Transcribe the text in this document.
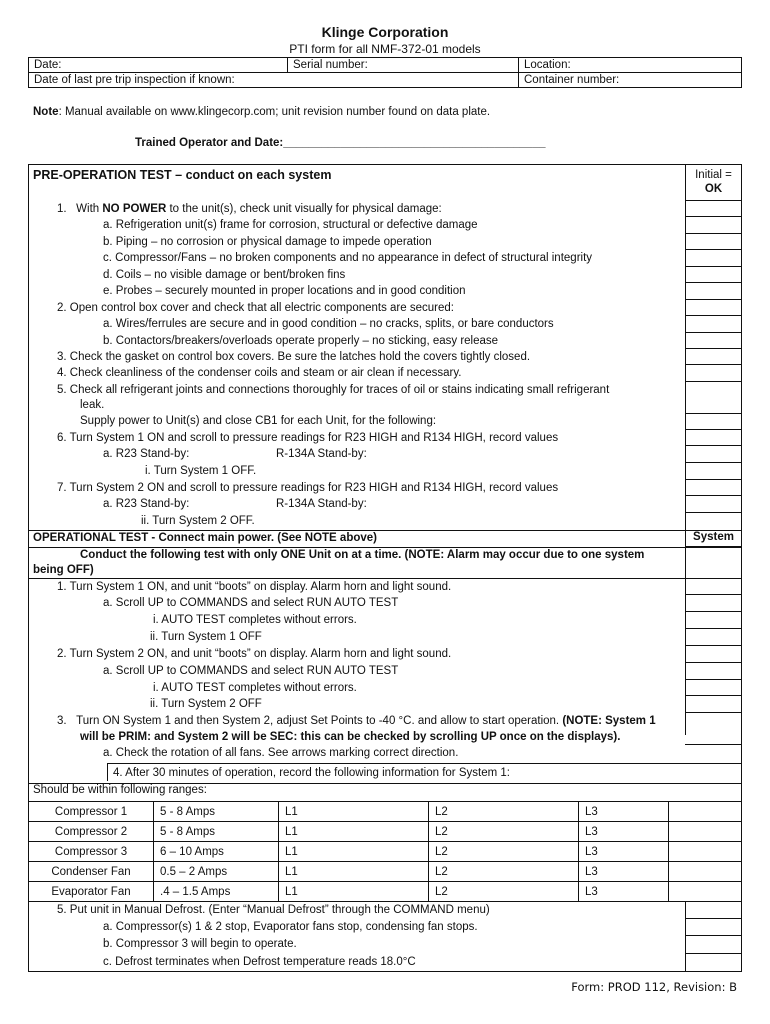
Klinge Corporation
PTI form for all NMF-372-01 models
Date:	Serial number:	Location:
Date of last pre trip inspection if known:		Container number:
Note: Manual available on www.klingecorp.com; unit revision number found on data plate.
Trained Operator and Date:_________________________________________
PRE-OPERATION TEST – conduct on each system	Initial =
OK
1.   With NO POWER to the unit(s), check unit visually for physical damage:
a. Refrigeration unit(s) frame for corrosion, structural or defective damage
b. Piping – no corrosion or physical damage to impede operation
c. Compressor/Fans – no broken components and no appearance in defect of structural integrity
d. Coils – no visible damage or bent/broken fins
e. Probes – securely mounted in proper locations and in good condition
2. Open control box cover and check that all electric components are secured:
a. Wires/ferrules are secure and in good condition – no cracks, splits, or bare conductors
b. Contactors/breakers/overloads operate properly – no sticking, easy release
3. Check the gasket on control box covers. Be sure the latches hold the covers tightly closed.
4. Check cleanliness of the condenser coils and steam or air clean if necessary.
5. Check all refrigerant joints and connections thoroughly for traces of oil or stains indicating small refrigerant
leak.
Supply power to Unit(s) and close CB1 for each Unit, for the following:
6. Turn System 1 ON and scroll to pressure readings for R23 HIGH and R134 HIGH, record values
a. R23 Stand-by:	R-134A Stand-by:
i. Turn System 1 OFF.
7. Turn System 2 ON and scroll to pressure readings for R23 HIGH and R134 HIGH, record values
a. R23 Stand-by:	R-134A Stand-by:
ii. Turn System 2 OFF.
OPERATIONAL TEST - Connect main power. (See NOTE above)	System
Conduct the following test with only ONE Unit on at a time. (NOTE: Alarm may occur due to one system
being OFF)
1. Turn System 1 ON, and unit “boots” on display. Alarm horn and light sound.
a. Scroll UP to COMMANDS and select RUN AUTO TEST
i. AUTO TEST completes without errors.
ii. Turn System 1 OFF
2. Turn System 2 ON, and unit “boots” on display. Alarm horn and light sound.
a. Scroll UP to COMMANDS and select RUN AUTO TEST
i. AUTO TEST completes without errors.
ii. Turn System 2 OFF
3.   Turn ON System 1 and then System 2, adjust Set Points to -40 °C. and allow to start operation. (NOTE: System 1
will be PRIM: and System 2 will be SEC: this can be checked by scrolling UP once on the displays).
a. Check the rotation of all fans. See arrows marking correct direction.
4. After 30 minutes of operation, record the following information for System 1:
Should be within following ranges:
Compressor 1	5 - 8 Amps	L1	L2	L3	
Compressor 2	5 - 8 Amps	L1	L2	L3	
Compressor 3	6 – 10 Amps	L1	L2	L3	
Condenser Fan	0.5 – 2 Amps	L1	L2	L3	
Evaporator Fan	.4 – 1.5 Amps	L1	L2	L3	
5. Put unit in Manual Defrost. (Enter “Manual Defrost” through the COMMAND menu)
a. Compressor(s) 1 & 2 stop, Evaporator fans stop, condensing fan stops.
b. Compressor 3 will begin to operate.
c. Defrost terminates when Defrost temperature reads 18.0°C
Form: PROD 112, Revision: B
